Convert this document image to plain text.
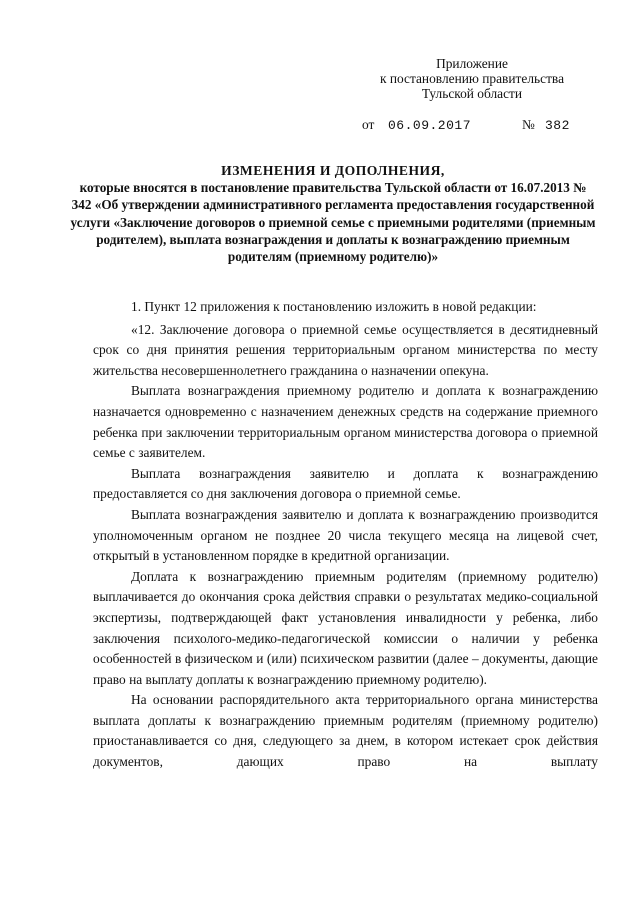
Приложение
к постановлению правительства
Тульской области
от 06.09.2017	№ 382
ИЗМЕНЕНИЯ И ДОПОЛНЕНИЯ,
которые вносятся в постановление правительства Тульской области от 16.07.2013 № 342 «Об утверждении административного регламента предоставления государственной услуги «Заключение договоров о приемной семье с приемными родителями (приемным родителем), выплата вознаграждения и доплаты к вознаграждению приемным родителям (приемному родителю)»

1. Пункт 12 приложения к постановлению изложить в новой редакции:

«12. Заключение договора о приемной семье осуществляется в десятидневный срок со дня принятия решения территориальным органом министерства по месту жительства несовершеннолетнего гражданина о назначении опекуна.

Выплата вознаграждения приемному родителю и доплата к вознаграждению назначается одновременно с назначением денежных средств на содержание приемного ребенка при заключении территориальным органом министерства договора о приемной семье с заявителем.

Выплата вознаграждения заявителю и доплата к вознаграждению предоставляется со дня заключения договора о приемной семье.

Выплата вознаграждения заявителю и доплата к вознаграждению производится уполномоченным органом не позднее 20 числа текущего месяца на лицевой счет, открытый в установленном порядке в кредитной организации.

Доплата к вознаграждению приемным родителям (приемному родителю) выплачивается до окончания срока действия справки о результатах медико-социальной экспертизы, подтверждающей факт установления инвалидности у ребенка, либо заключения психолого-медико-педагогической комиссии о наличии у ребенка особенностей в физическом и (или) психическом развитии (далее – документы, дающие право на выплату доплаты к вознаграждению приемному родителю).

На основании распорядительного акта территориального органа министерства выплата доплаты к вознаграждению приемным родителям (приемному родителю) приостанавливается со дня, следующего за днем, в котором истекает срок действия документов, дающих право на выплату
